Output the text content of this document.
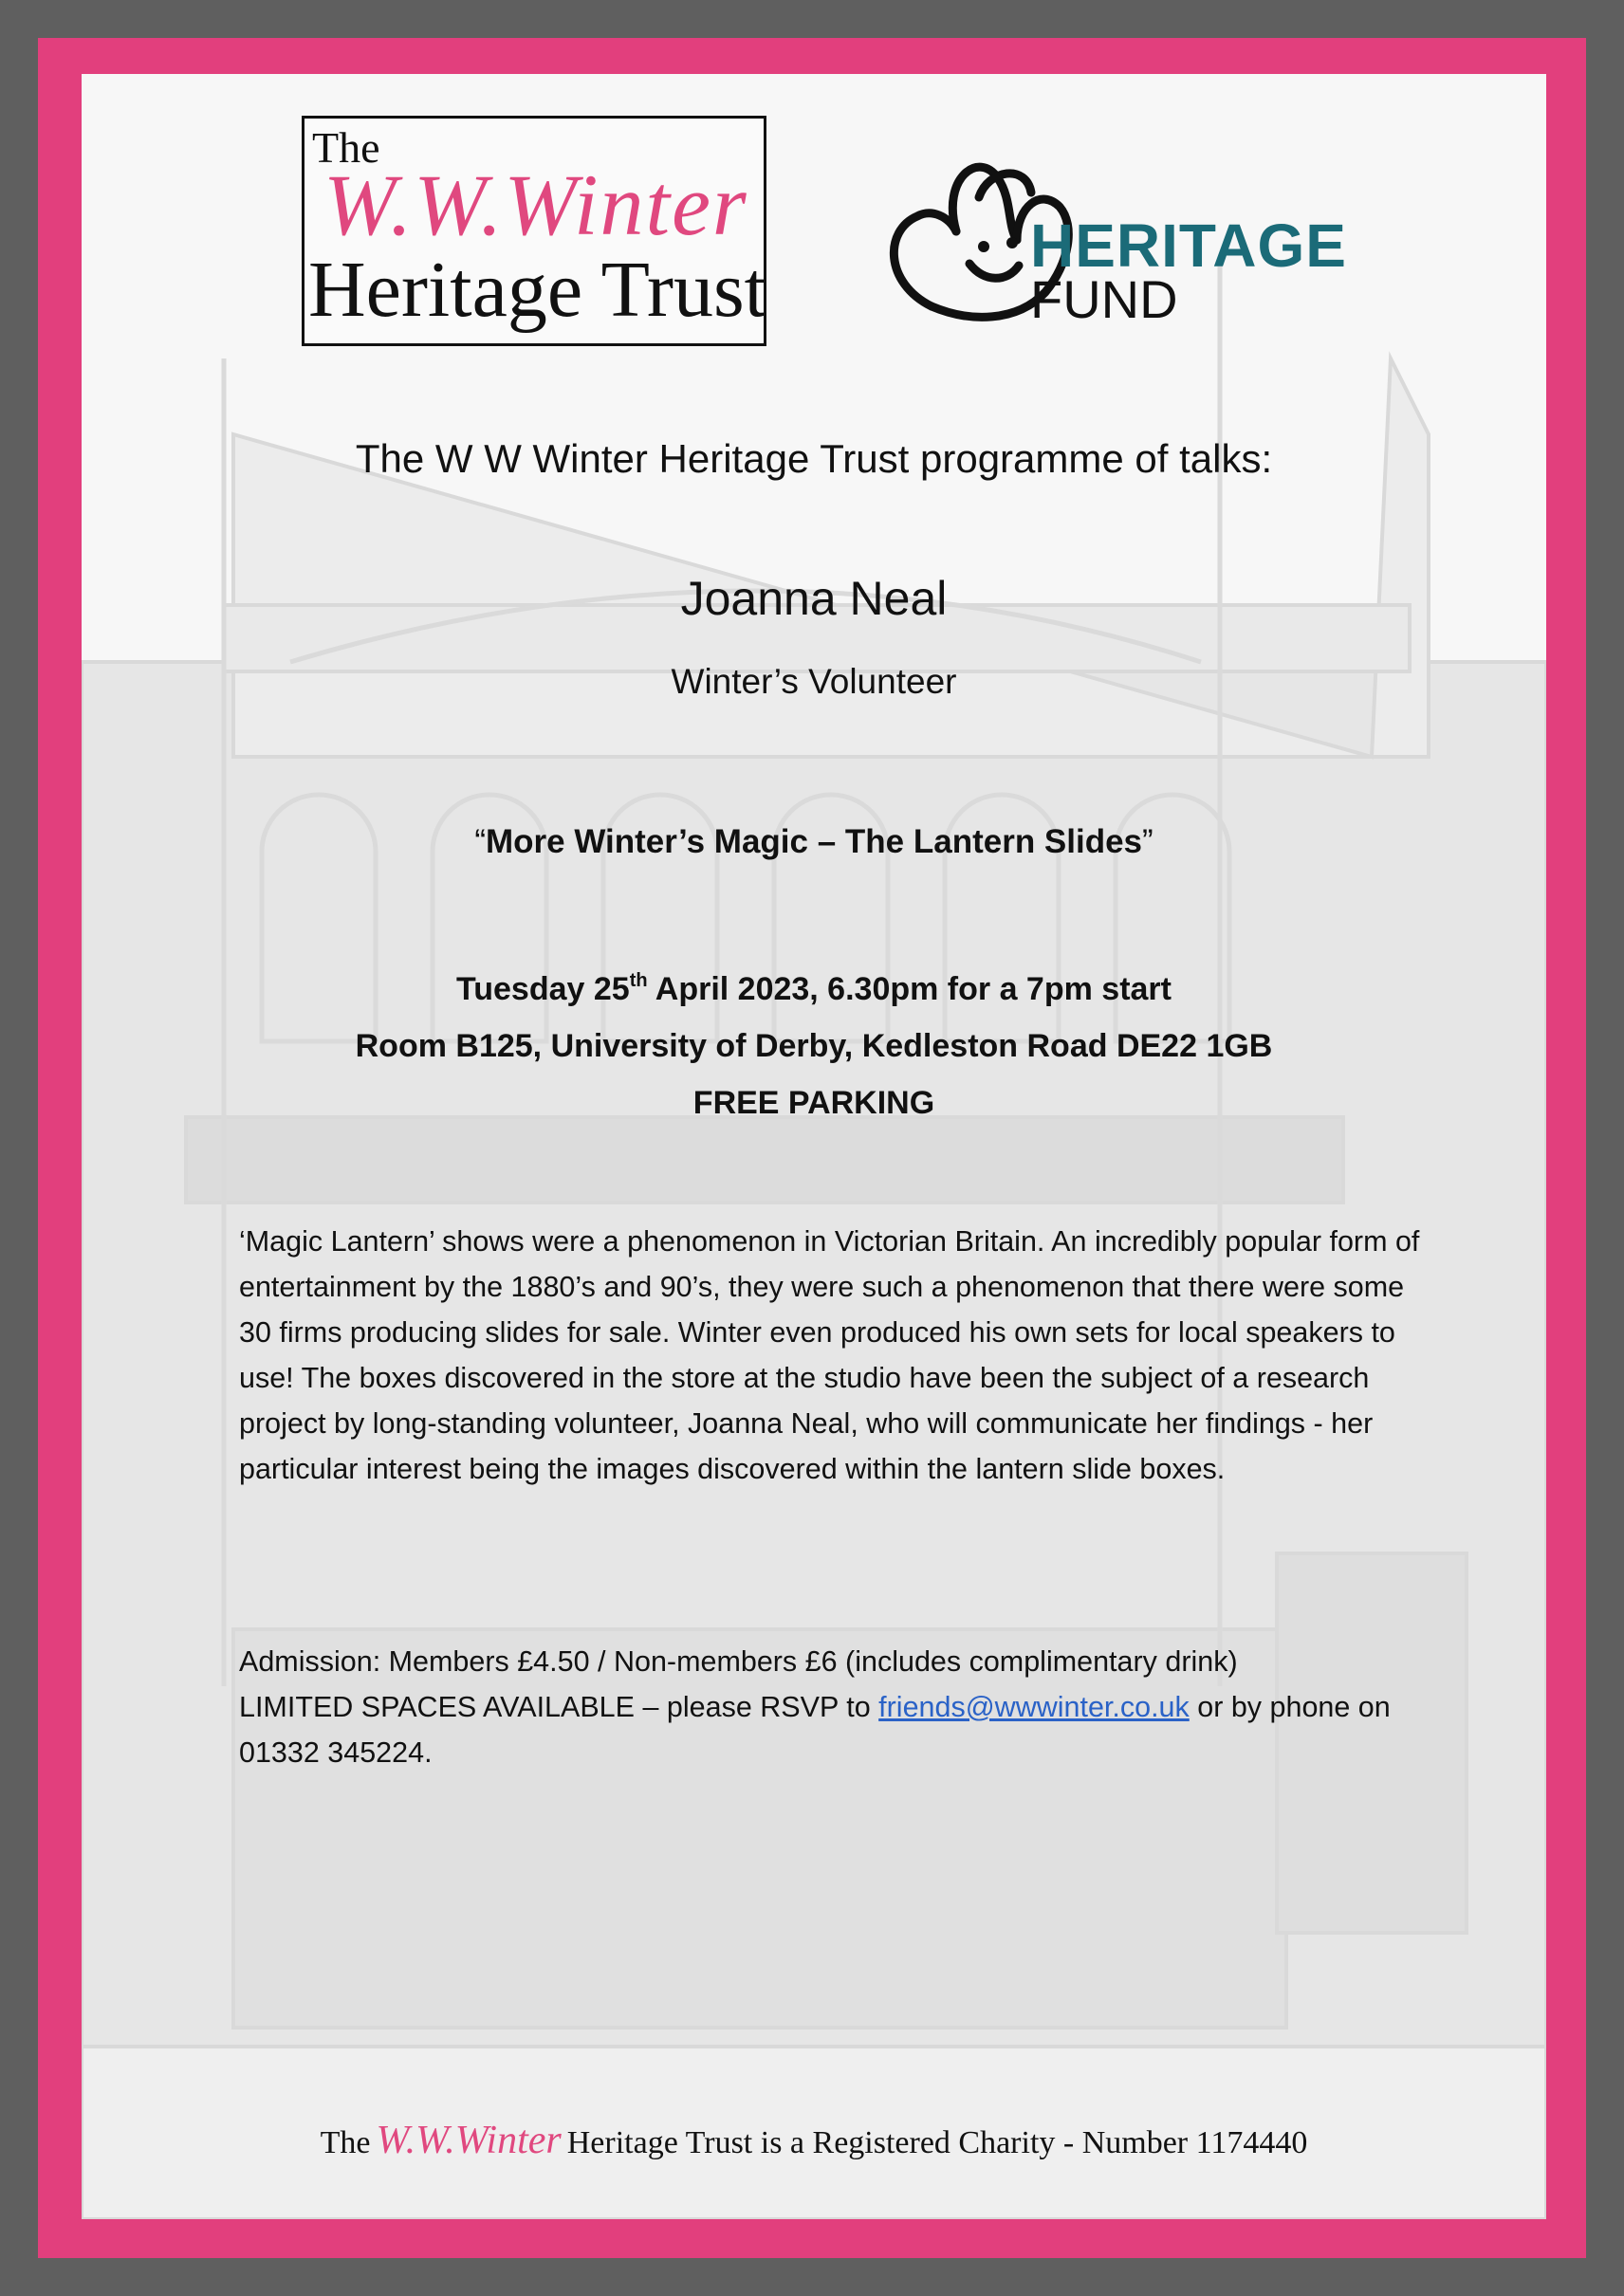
The
W.W.Winter
Heritage Trust	HERITAGE
FUND
The W W Winter Heritage Trust programme of talks:
Joanna Neal
Winter’s Volunteer
“More Winter’s Magic – The Lantern Slides”
Tuesday 25th April 2023, 6.30pm for a 7pm start
Room B125, University of Derby, Kedleston Road DE22 1GB
FREE PARKING
‘Magic Lantern’ shows were a phenomenon in Victorian Britain. An incredibly popular form of entertainment by the 1880’s and 90’s, they were such a phenomenon that there were some 30 firms producing slides for sale. Winter even produced his own sets for local speakers to use! The boxes discovered in the store at the studio have been the subject of a research project by long-standing volunteer, Joanna Neal, who will communicate her findings - her particular interest being the images discovered within the lantern slide boxes.
Admission: Members £4.50 / Non-members £6 (includes complimentary drink)
LIMITED SPACES AVAILABLE – please RSVP to friends@wwwinter.co.uk or by phone on 01332 345224.
The W.W.Winter Heritage Trust is a Registered Charity - Number 1174440
